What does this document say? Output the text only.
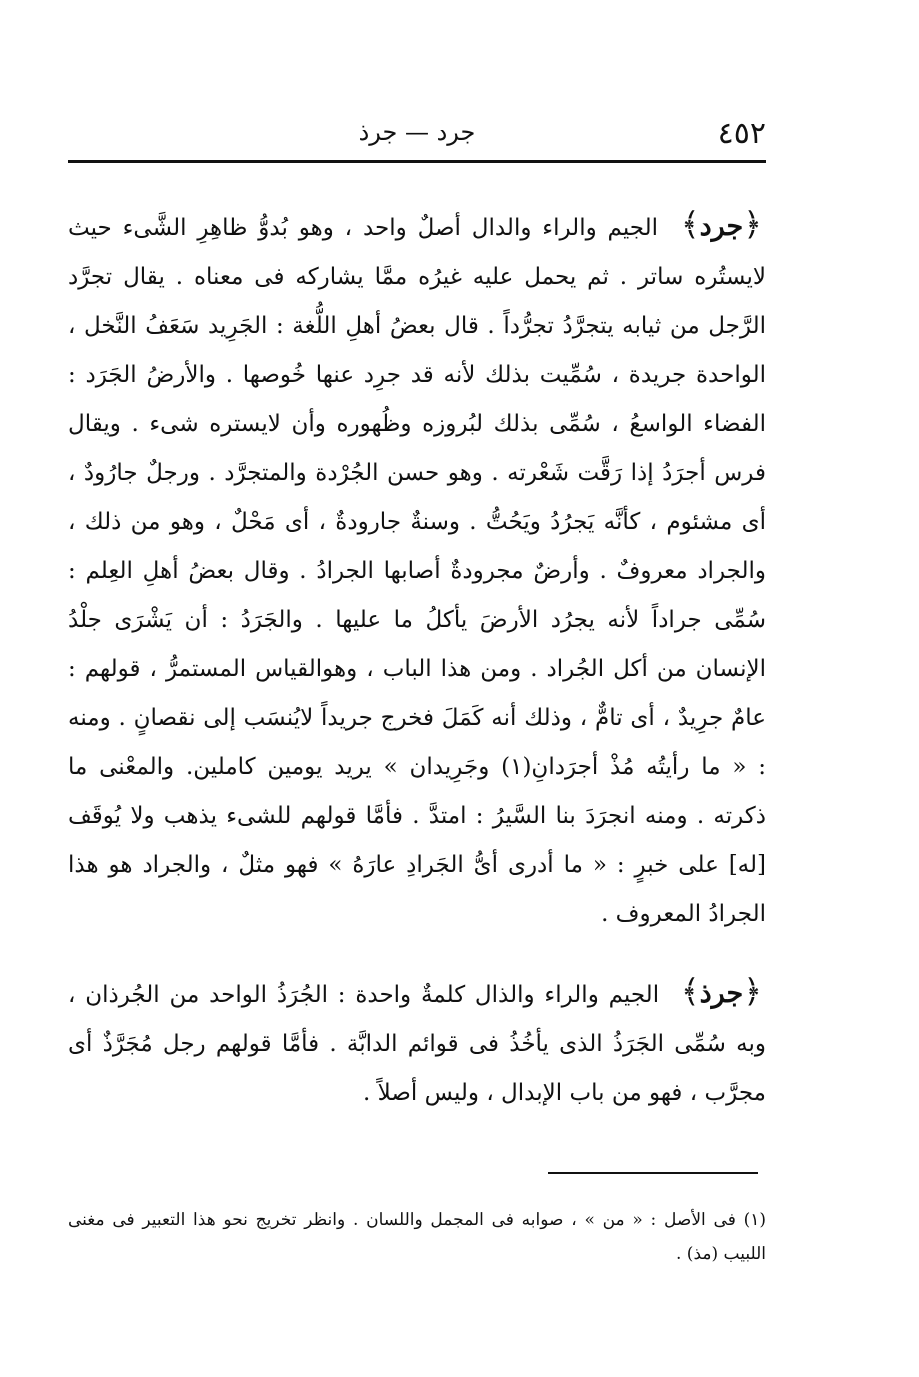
٤٥٢
جرد — جرذ

﴿جرد﴾ الجيم والراء والدال أصلٌ واحد ، وهو بُدوُّ ظاهِرِ الشَّىء حيث لايستُره ساتر . ثم يحمل عليه غيرُه ممَّا يشاركه فى معناه . يقال تجرَّد الرَّجل من ثيابه يتجرَّدُ تجرُّداً . قال بعضُ أهلِ اللُّغة : الجَرِيد سَعَفُ النَّخل ، الواحدة جريدة ، سُمِّيت بذلك لأنه قد جرِد عنها خُوصها . والأرضُ الجَرَد : الفضاء الواسعُ ، سُمِّى بذلك لبُروزه وظُهوره وأن لايستره شىء . ويقال فرس أجرَدُ إذا رَقَّت شَعْرته . وهو حسن الجُرْدة والمتجرَّد . ورجلٌ جارُودٌ ، أى مشئوم ، كأنَّه يَجرُدُ ويَحُتُّ . وسنةٌ جارودةٌ ، أى مَحْلٌ ، وهو من ذلك ، والجراد معروفٌ . وأرضٌ مجرودةٌ أصابها الجرادُ . وقال بعضُ أهلِ العِلم : سُمِّى جراداً لأنه يجرُد الأرضَ يأكلُ ما عليها . والجَرَدُ : أن يَشْرَى جلْدُ الإنسان من أكل الجُراد . ومن هذا الباب ، وهوالقياس المستمرُّ ، قولهم : عامٌ جرِيدٌ ، أى تامٌّ ، وذلك أنه كَمَلَ فخرج جريداً لايُنسَب إلى نقصانٍ . ومنه : « ما رأيتُه مُذْ أجرَدانِ(١) وجَرِيدان » يريد يومين كاملين. والمعْنى ما ذكرته . ومنه انجرَدَ بنا السَّيرُ : امتدَّ . فأمَّا قولهم للشىء يذهب ولا يُوقَف [له] على خبرٍ : « ما أدرى أىُّ الجَرادِ عارَهُ » فهو مثلٌ ، والجراد هو هذا الجرادُ المعروف .

﴿جرذ﴾ الجيم والراء والذال كلمةٌ واحدة : الجُرَذُ الواحد من الجُرذان ، وبه سُمِّى الجَرَذُ الذى يأخُذُ فى قوائم الدابَّة . فأمَّا قولهم رجل مُجَرَّذٌ أى مجرَّب ، فهو من باب الإبدال ، وليس أصلاً .

(١) فى الأصل : « من » ، صوابه فى المجمل واللسان . وانظر تخريج نحو هذا التعبير فى مغنى اللبيب (مذ) .
